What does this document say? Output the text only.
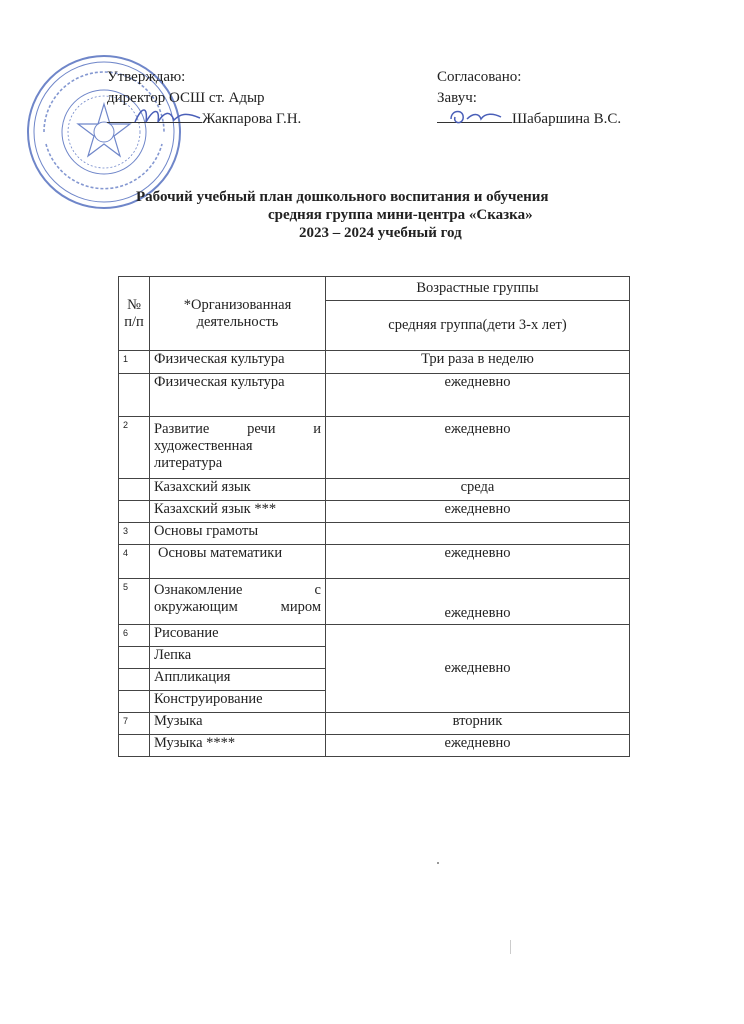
Утверждаю:
директор ОСШ ст. Адыр
Жакпарова Г.Н.
Согласовано:
Завуч:
Шабаршина В.С.
Рабочий учебный план дошкольного воспитания и обучения
средняя группа мини-центра «Сказка»
2023 – 2024 учебный год
№ п/п	*Организованная деятельность	Возрастные группы
		средняя группа(дети 3-х лет)
1	Физическая культура	Три раза в неделю
	Физическая культура	ежедневно
2	Развитие речи и художественная литература	ежедневно
	Казахский язык	среда
	Казахский язык ***	ежедневно
3	Основы грамоты	
4	Основы математики	ежедневно
5	Ознакомление с окружающим миром	ежедневно
6	Рисование	ежедневно
	Лепка	
	Аппликация	
	Конструирование	
7	Музыка	вторник
	Музыка ****	ежедневно
